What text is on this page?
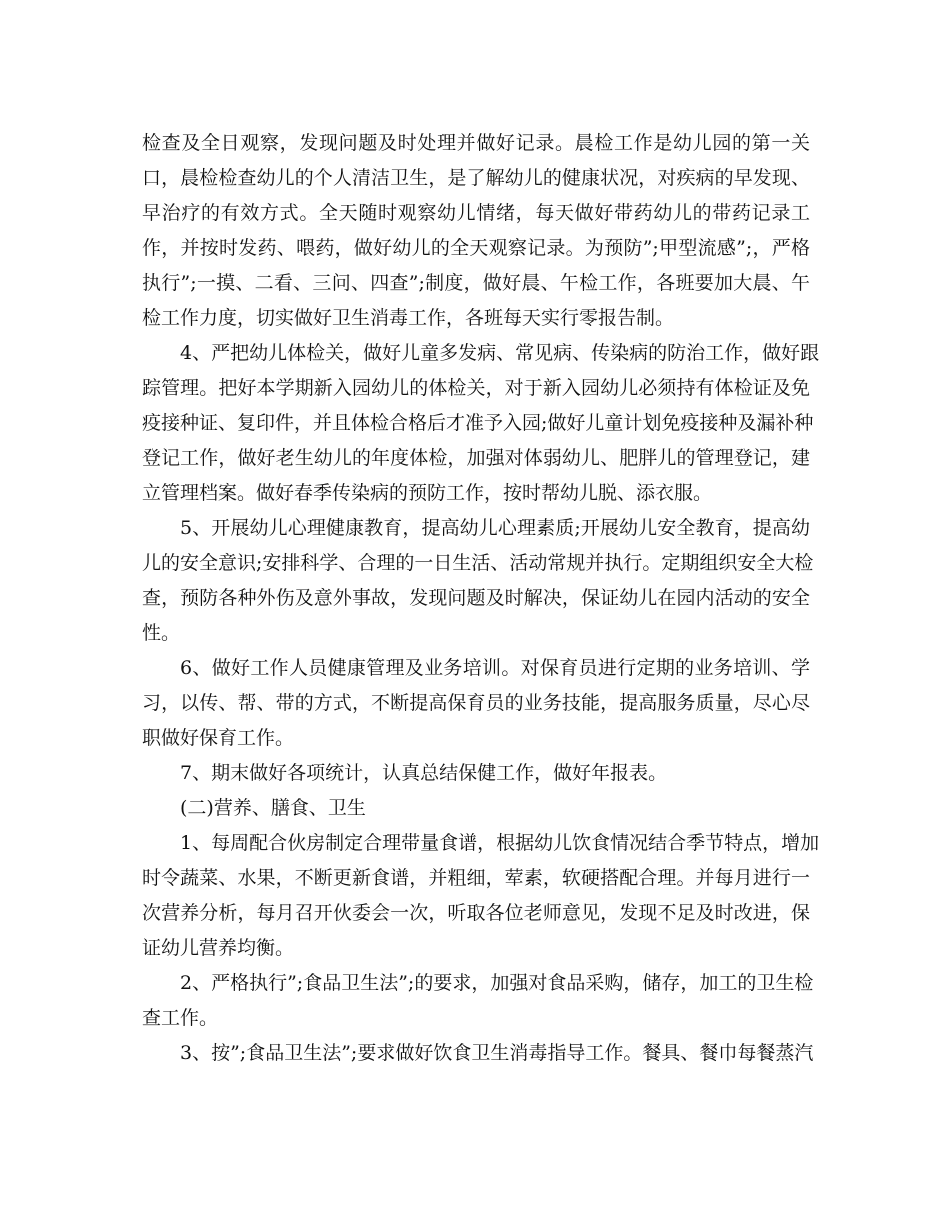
检查及全日观察，发现问题及时处理并做好记录。晨检工作是幼儿园的第一关
口，晨检检查幼儿的个人清洁卫生，是了解幼儿的健康状况，对疾病的早发现、
早治疗的有效方式。全天随时观察幼儿情绪，每天做好带药幼儿的带药记录工
作，并按时发药、喂药，做好幼儿的全天观察记录。为预防”;甲型流感”;，严格
执行”;一摸、二看、三问、四查”;制度，做好晨、午检工作，各班要加大晨、午
检工作力度，切实做好卫生消毒工作，各班每天实行零报告制。

4、严把幼儿体检关，做好儿童多发病、常见病、传染病的防治工作，做好跟
踪管理。把好本学期新入园幼儿的体检关，对于新入园幼儿必须持有体检证及免
疫接种证、复印件，并且体检合格后才准予入园;做好儿童计划免疫接种及漏补种
登记工作，做好老生幼儿的年度体检，加强对体弱幼儿、肥胖儿的管理登记，建
立管理档案。做好春季传染病的预防工作，按时帮幼儿脱、添衣服。

5、开展幼儿心理健康教育，提高幼儿心理素质;开展幼儿安全教育，提高幼
儿的安全意识;安排科学、合理的一日生活、活动常规并执行。定期组织安全大检
查，预防各种外伤及意外事故，发现问题及时解决，保证幼儿在园内活动的安全
性。

6、做好工作人员健康管理及业务培训。对保育员进行定期的业务培训、学
习，以传、帮、带的方式，不断提高保育员的业务技能，提高服务质量，尽心尽
职做好保育工作。

7、期末做好各项统计，认真总结保健工作，做好年报表。

(二)营养、膳食、卫生

1、每周配合伙房制定合理带量食谱，根据幼儿饮食情况结合季节特点，增加
时令蔬菜、水果，不断更新食谱，并粗细，荤素，软硬搭配合理。并每月进行一
次营养分析，每月召开伙委会一次，听取各位老师意见，发现不足及时改进，保
证幼儿营养均衡。

2、严格执行”;食品卫生法”;的要求，加强对食品采购，储存，加工的卫生检
查工作。

3、按”;食品卫生法”;要求做好饮食卫生消毒指导工作。餐具、餐巾每餐蒸汽
